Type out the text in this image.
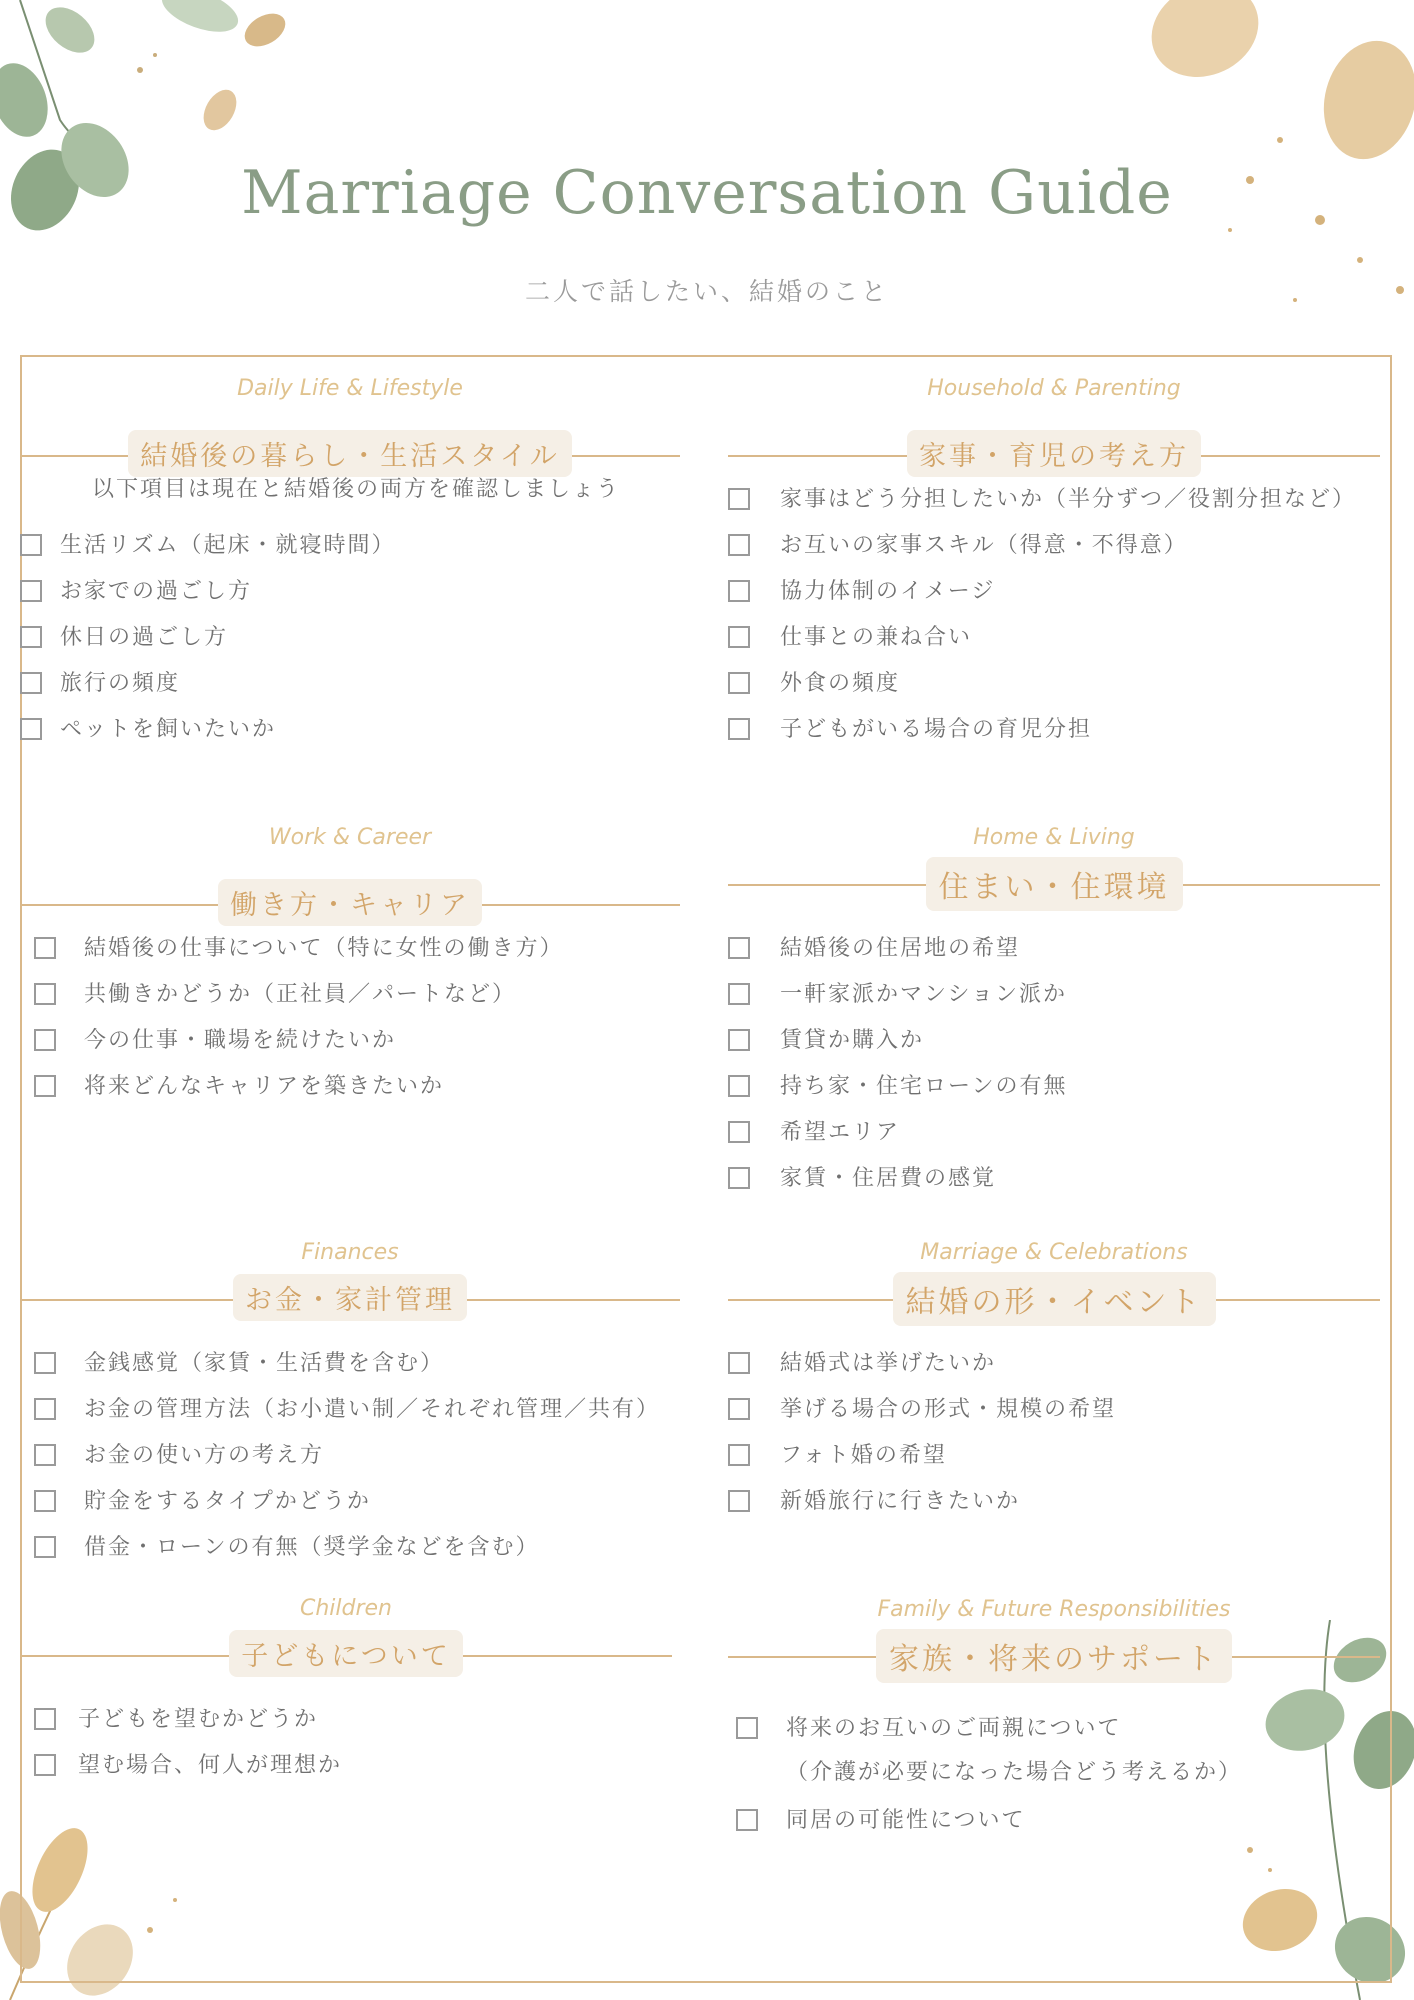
Marriage Conversation Guide
二人で話したい、結婚のこと
Daily Life & Lifestyle
結婚後の暮らし・生活スタイル
以下項目は現在と結婚後の両方を確認しましょう
生活リズム（起床・就寝時間）
お家での過ごし方
休日の過ごし方
旅行の頻度
ペットを飼いたいか
Household & Parenting
家事・育児の考え方
家事はどう分担したいか（半分ずつ／役割分担など）
お互いの家事スキル（得意・不得意）
協力体制のイメージ
仕事との兼ね合い
外食の頻度
子どもがいる場合の育児分担
Work & Career
働き方・キャリア
結婚後の仕事について（特に女性の働き方）
共働きかどうか（正社員／パートなど）
今の仕事・職場を続けたいか
将来どんなキャリアを築きたいか
Home & Living
住まい・住環境
結婚後の住居地の希望
一軒家派かマンション派か
賃貸か購入か
持ち家・住宅ローンの有無
希望エリア
家賃・住居費の感覚
Finances
お金・家計管理
金銭感覚（家賃・生活費を含む）
お金の管理方法（お小遣い制／それぞれ管理／共有）
お金の使い方の考え方
貯金をするタイプかどうか
借金・ローンの有無（奨学金などを含む）
Marriage & Celebrations
結婚の形・イベント
結婚式は挙げたいか
挙げる場合の形式・規模の希望
フォト婚の希望
新婚旅行に行きたいか
Children
子どもについて
子どもを望むかどうか
望む場合、何人が理想か
Family & Future Responsibilities
家族・将来のサポート
将来のお互いのご両親について
（介護が必要になった場合どう考えるか）
同居の可能性について
